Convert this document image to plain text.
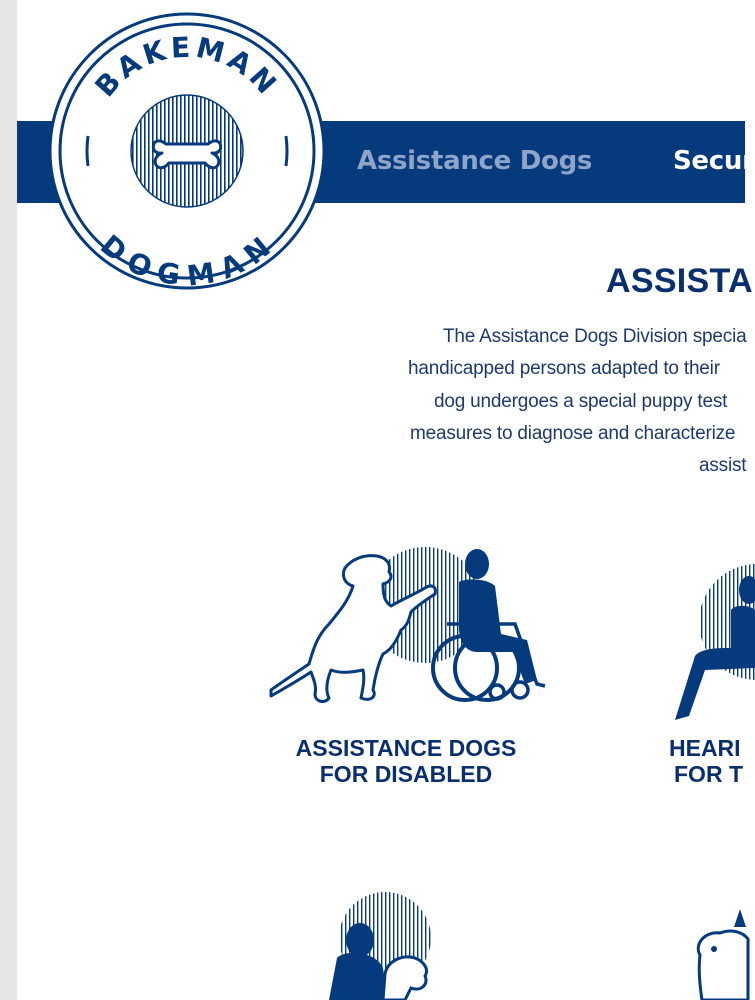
Assistance Dogs	Secur
BAKEMAN
DOGMAN
ASSISTA
The Assistance Dogs Division specia
handicapped persons adapted to their
dog undergoes a special puppy test
measures to diagnose and characterize
assist
ASSISTANCE DOGS
FOR DISABLED
HEARI
FOR T
